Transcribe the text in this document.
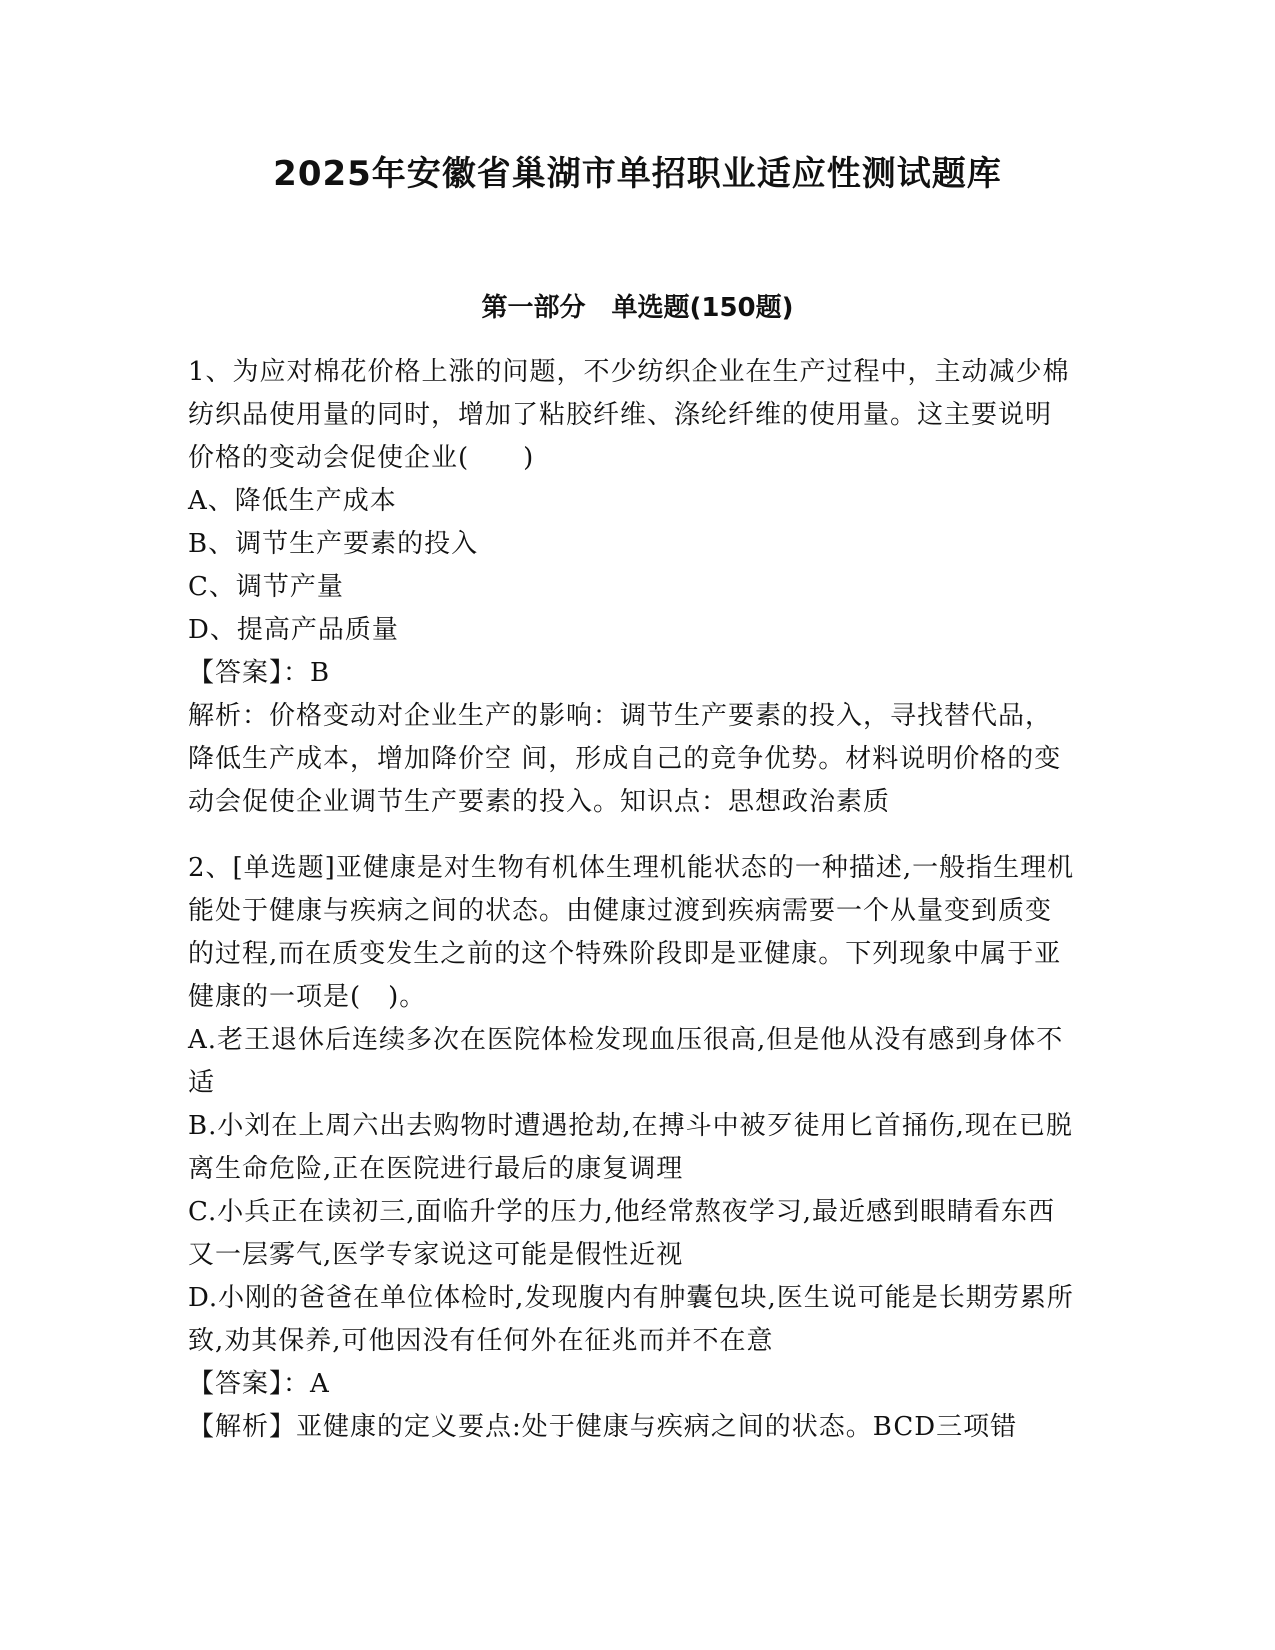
2025年安徽省巢湖市单招职业适应性测试题库
第一部分　单选题(150题)

1、为应对棉花价格上涨的问题，不少纺织企业在生产过程中，主动减少棉纺织品使用量的同时，增加了粘胶纤维、涤纶纤维的使用量。这主要说明价格的变动会促使企业(　　)

A、降低生产成本

B、调节生产要素的投入

C、调节产量

D、提高产品质量

【答案】：B

解析：价格变动对企业生产的影响：调节生产要素的投入，寻找替代品，降低生产成本，增加降价空 间，形成自己的竞争优势。材料说明价格的变动会促使企业调节生产要素的投入。知识点：思想政治素质

2、[单选题]亚健康是对生物有机体生理机能状态的一种描述,一般指生理机能处于健康与疾病之间的状态。由健康过渡到疾病需要一个从量变到质变的过程,而在质变发生之前的这个特殊阶段即是亚健康。下列现象中属于亚健康的一项是(　)。

A.老王退休后连续多次在医院体检发现血压很高,但是他从没有感到身体不适

B.小刘在上周六出去购物时遭遇抢劫,在搏斗中被歹徒用匕首捅伤,现在已脱离生命危险,正在医院进行最后的康复调理

C.小兵正在读初三,面临升学的压力,他经常熬夜学习,最近感到眼睛看东西又一层雾气,医学专家说这可能是假性近视

D.小刚的爸爸在单位体检时,发现腹内有肿囊包块,医生说可能是长期劳累所致,劝其保养,可他因没有任何外在征兆而并不在意

【答案】：A

【解析】亚健康的定义要点:处于健康与疾病之间的状态。BCD三项错
